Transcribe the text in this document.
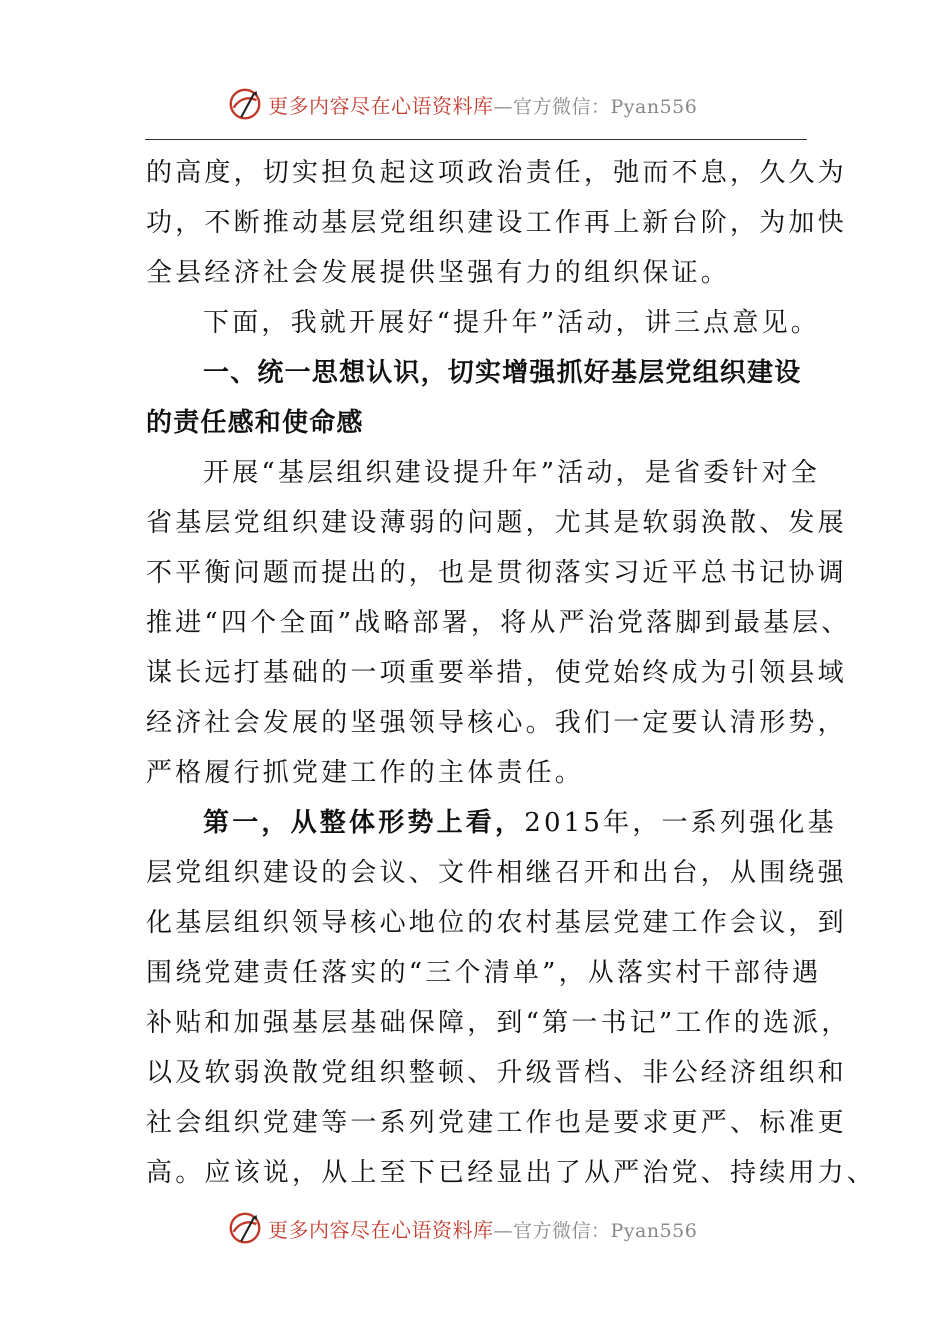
更多内容尽在心语资料库—官方微信：Pyan556
的高度，切实担负起这项政治责任，弛而不息，久久为
功，不断推动基层党组织建设工作再上新台阶，为加快
全县经济社会发展提供坚强有力的组织保证。
下面，我就开展好“提升年”活动，讲三点意见。
一、统一思想认识，切实增强抓好基层党组织建设
的责任感和使命感
开展“基层组织建设提升年”活动，是省委针对全
省基层党组织建设薄弱的问题，尤其是软弱涣散、发展
不平衡问题而提出的，也是贯彻落实习近平总书记协调
推进“四个全面”战略部署，将从严治党落脚到最基层、
谋长远打基础的一项重要举措，使党始终成为引领县域
经济社会发展的坚强领导核心。我们一定要认清形势，
严格履行抓党建工作的主体责任。
第一，从整体形势上看，2015年，一系列强化基
层党组织建设的会议、文件相继召开和出台，从围绕强
化基层组织领导核心地位的农村基层党建工作会议，到
围绕党建责任落实的“三个清单”，从落实村干部待遇
补贴和加强基层基础保障，到“第一书记”工作的选派，
以及软弱涣散党组织整顿、升级晋档、非公经济组织和
社会组织党建等一系列党建工作也是要求更严、标准更
高。应该说，从上至下已经显出了从严治党、持续用力、
更多内容尽在心语资料库—官方微信：Pyan556
